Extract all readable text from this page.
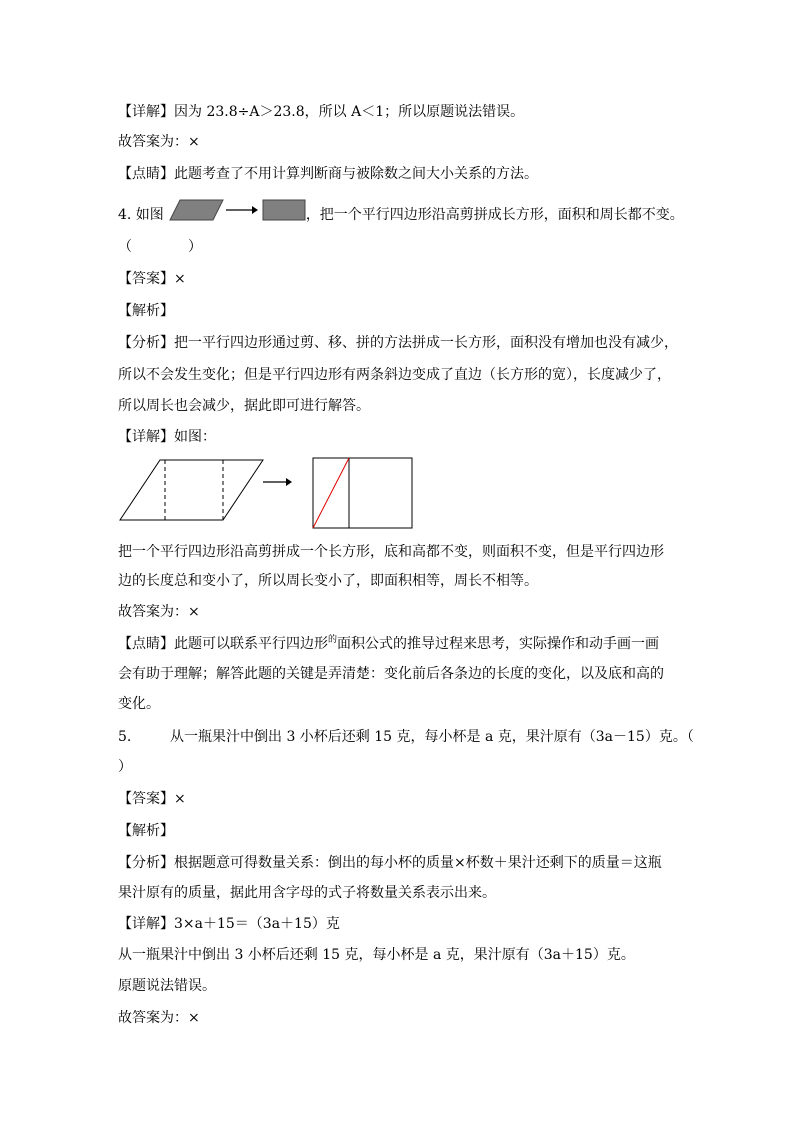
【详解】因为 23.8÷A＞23.8，所以 A＜1；所以原题说法错误。
故答案为：×
【点睛】此题考查了不用计算判断商与被除数之间大小关系的方法。
4. 如图	，把一个平行四边形沿高剪拼成长方形，面积和周长都不变。
（　　　　）
【答案】×
【解析】
【分析】把一平行四边形通过剪、移、拼的方法拼成一长方形，面积没有增加也没有减少，
所以不会发生变化；但是平行四边形有两条斜边变成了直边（长方形的宽），长度减少了，
所以周长也会减少，据此即可进行解答。
【详解】如图：
把一个平行四边形沿高剪拼成一个长方形，底和高都不变，则面积不变，但是平行四边形
边的长度总和变小了，所以周长变小了，即面积相等，周长不相等。
故答案为：×
【点睛】此题可以联系平行四边形$^的$面积公式的推导过程来思考，实际操作和动手画一画
会有助于理解；解答此题的关键是弄清楚：变化前后各条边的长度的变化，以及底和高的
变化。
5.	从一瓶果汁中倒出 3 小杯后还剩 15 克，每小杯是 a 克，果汁原有（3a－15）克。（
）
【答案】×
【解析】
【分析】根据题意可得数量关系：倒出的每小杯的质量×杯数＋果汁还剩下的质量＝这瓶
果汁原有的质量，据此用含字母的式子将数量关系表示出来。
【详解】3×a＋15＝（3a＋15）克
从一瓶果汁中倒出 3 小杯后还剩 15 克，每小杯是 a 克，果汁原有（3a＋15）克。
原题说法错误。
故答案为：×
